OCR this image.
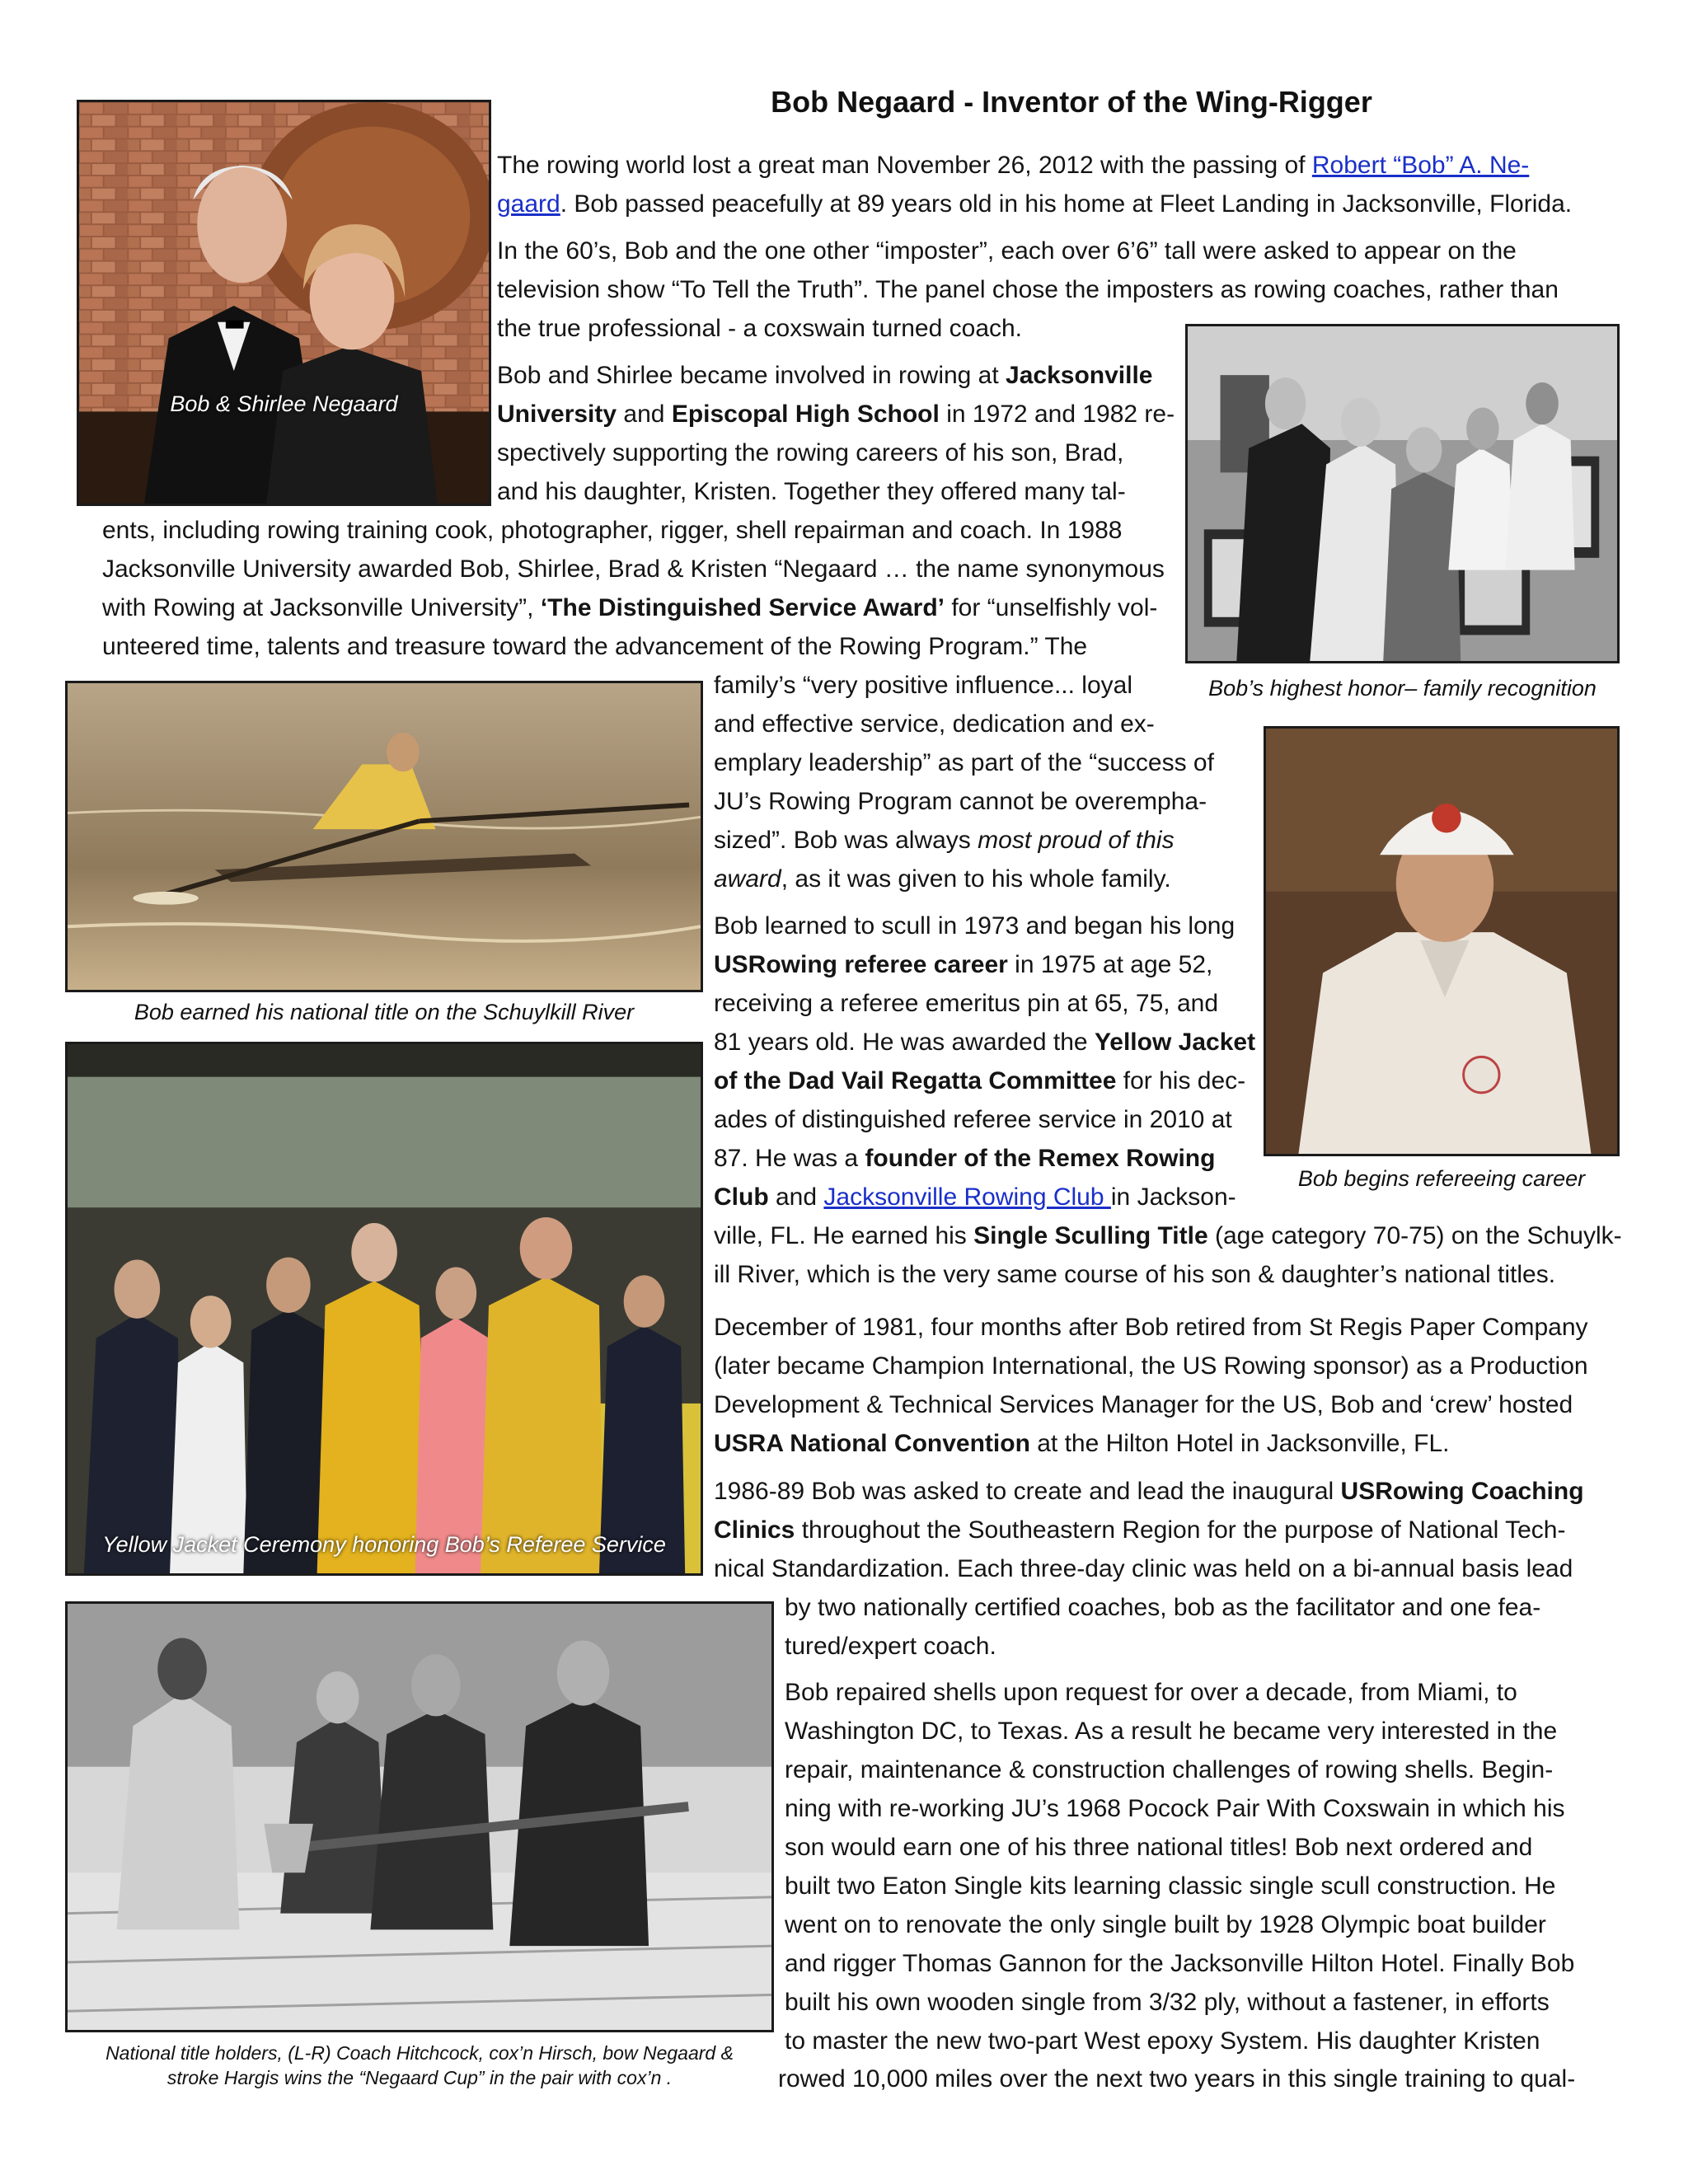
Bob Negaard - Inventor of the Wing-Rigger
Bob & Shirlee Negaard
Bob’s highest honor– family recognition
Bob earned his national title on the Schuylkill River
Bob begins refereeing career
Yellow Jacket Ceremony honoring Bob’s Referee Service
National title holders, (L-R) Coach Hitchcock, cox’n Hirsch, bow Negaard &
stroke Hargis wins the “Negaard Cup” in the pair with cox’n .
The rowing world lost a great man November 26, 2012 with the passing of Robert “Bob” A. Ne-
gaard. Bob passed peacefully at 89 years old in his home at Fleet Landing in Jacksonville, Florida.
In the 60’s, Bob and the one other “imposter”, each over 6’6” tall were asked to appear on the
television show “To Tell the Truth”. The panel chose the imposters as rowing coaches, rather than
the true professional - a coxswain turned coach.
Bob and Shirlee became involved in rowing at Jacksonville
University and Episcopal High School in 1972 and 1982 re-
spectively supporting the rowing careers of his son, Brad,
and his daughter, Kristen. Together they offered many tal-
ents, including rowing training cook, photographer, rigger, shell repairman and coach. In 1988
Jacksonville University awarded Bob, Shirlee, Brad & Kristen “Negaard … the name synonymous
with Rowing at Jacksonville University”, ‘The Distinguished Service Award’ for “unselfishly vol-
unteered time, talents and treasure toward the advancement of the Rowing Program.” The
family’s “very positive influence... loyal
and effective service, dedication and ex-
emplary leadership” as part of the “success of
JU’s Rowing Program cannot be overempha-
sized”. Bob was always most proud of this
award, as it was given to his whole family.
Bob learned to scull in 1973 and began his long
USRowing referee career in 1975 at age 52,
receiving a referee emeritus pin at 65, 75, and
81 years old. He was awarded the Yellow Jacket
of the Dad Vail Regatta Committee for his dec-
ades of distinguished referee service in 2010 at
87. He was a founder of the Remex Rowing
Club and Jacksonville Rowing Club in Jackson-
ville, FL. He earned his Single Sculling Title (age category 70-75) on the Schuylk-
ill River, which is the very same course of his son & daughter’s national titles.
December of 1981, four months after Bob retired from St Regis Paper Company
(later became Champion International, the US Rowing sponsor) as a Production
Development & Technical Services Manager for the US, Bob and ‘crew’ hosted
USRA National Convention at the Hilton Hotel in Jacksonville, FL.
1986-89 Bob was asked to create and lead the inaugural USRowing Coaching
Clinics throughout the Southeastern Region for the purpose of National Tech-
nical Standardization. Each three-day clinic was held on a bi-annual basis lead
by two nationally certified coaches, bob as the facilitator and one fea-
tured/expert coach.
Bob repaired shells upon request for over a decade, from Miami, to
Washington DC, to Texas. As a result he became very interested in the
repair, maintenance & construction challenges of rowing shells. Begin-
ning with re-working JU’s 1968 Pocock Pair With Coxswain in which his
son would earn one of his three national titles! Bob next ordered and
built two Eaton Single kits learning classic single scull construction. He
went on to renovate the only single built by 1928 Olympic boat builder
and rigger Thomas Gannon for the Jacksonville Hilton Hotel. Finally Bob
built his own wooden single from 3/32 ply, without a fastener, in efforts
to master the new two-part West epoxy System. His daughter Kristen
rowed 10,000 miles over the next two years in this single training to qual-
